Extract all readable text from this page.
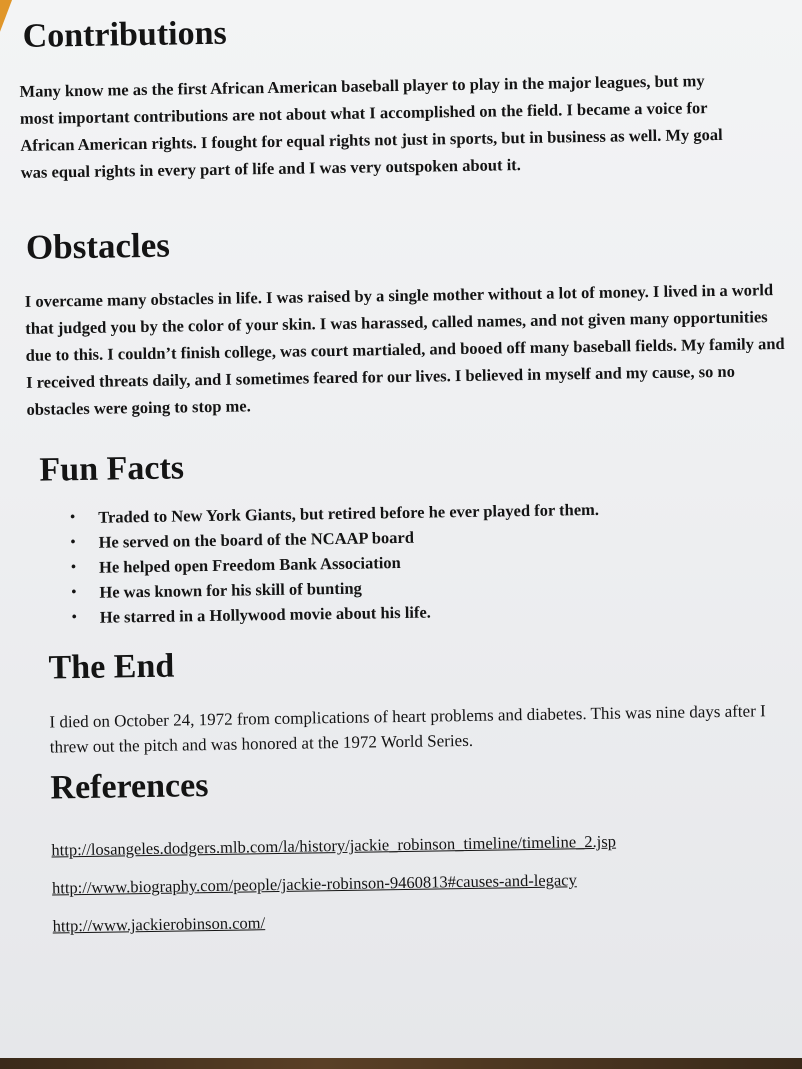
Contributions

Many know me as the first African American baseball player to play in the major leagues, but my most important contributions are not about what I accomplished on the field. I became a voice for African American rights. I fought for equal rights not just in sports, but in business as well. My goal was equal rights in every part of life and I was very outspoken about it.

Obstacles

I overcame many obstacles in life. I was raised by a single mother without a lot of money. I lived in a world that judged you by the color of your skin. I was harassed, called names, and not given many opportunities due to this. I couldn’t finish college, was court martialed, and booed off many baseball fields. My family and I received threats daily, and I sometimes feared for our lives. I believed in myself and my cause, so no obstacles were going to stop me.

Fun Facts
• Traded to New York Giants, but retired before he ever played for them.
• He served on the board of the NCAAP board
• He helped open Freedom Bank Association
• He was known for his skill of bunting
• He starred in a Hollywood movie about his life.
The End

I died on October 24, 1972 from complications of heart problems and diabetes. This was nine days after I threw out the pitch and was honored at the 1972 World Series.

References
http://losangeles.dodgers.mlb.com/la/history/jackie_robinson_timeline/timeline_2.jsp
http://www.biography.com/people/jackie-robinson-9460813#causes-and-legacy
http://www.jackierobinson.com/
